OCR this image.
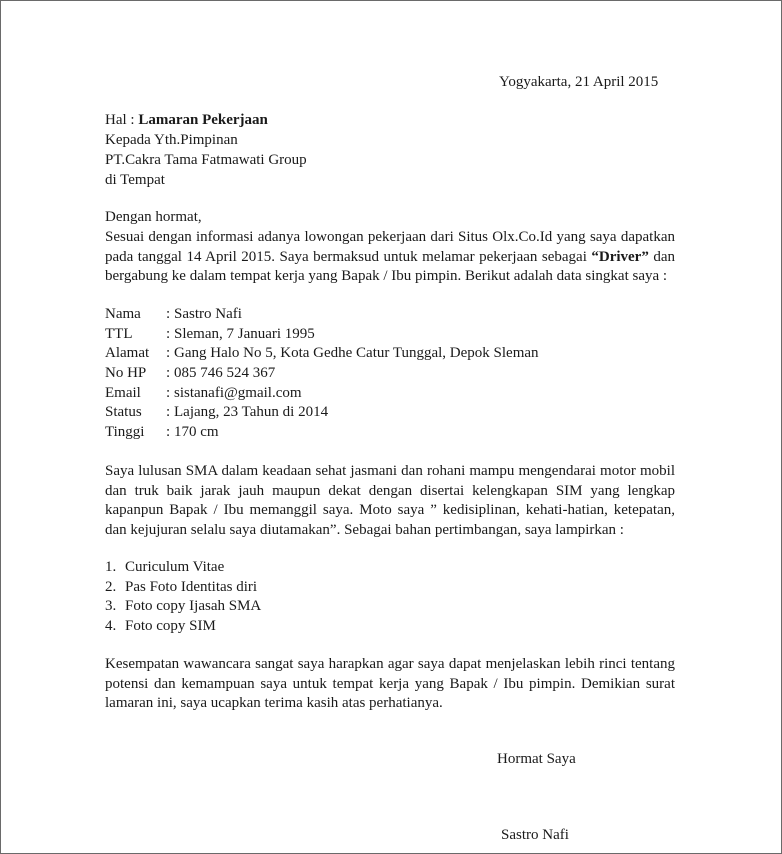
Yogyakarta, 21 April 2015
Hal : Lamaran Pekerjaan
Kepada Yth.Pimpinan
PT.Cakra Tama Fatmawati Group
di Tempat
Dengan hormat,
Sesuai dengan informasi adanya lowongan pekerjaan dari Situs Olx.Co.Id yang saya dapatkan pada tanggal 14 April 2015. Saya bermaksud untuk melamar pekerjaan sebagai “Driver” dan bergabung ke dalam tempat kerja yang Bapak / Ibu pimpin. Berikut adalah data singkat saya :
Nama : Sastro Nafi
TTL : Sleman, 7 Januari 1995
Alamat : Gang Halo No 5, Kota Gedhe Catur Tunggal, Depok Sleman
No HP : 085 746 524 367
Email : sistanafi@gmail.com
Status : Lajang, 23 Tahun di 2014
Tinggi : 170 cm
Saya lulusan SMA dalam keadaan sehat jasmani dan rohani mampu mengendarai motor mobil dan truk baik jarak jauh maupun dekat dengan disertai kelengkapan SIM yang lengkap kapanpun Bapak / Ibu memanggil saya. Moto saya ” kedisiplinan, kehati-hatian, ketepatan, dan kejujuran selalu saya diutamakan”. Sebagai bahan pertimbangan, saya lampirkan :
1. Curiculum Vitae
2. Pas Foto Identitas diri
3. Foto copy Ijasah SMA
4. Foto copy SIM
Kesempatan wawancara sangat saya harapkan agar saya dapat menjelaskan lebih rinci tentang potensi dan kemampuan saya untuk tempat kerja yang Bapak / Ibu pimpin. Demikian surat lamaran ini, saya ucapkan terima kasih atas perhatianya.
Hormat Saya
Sastro Nafi
